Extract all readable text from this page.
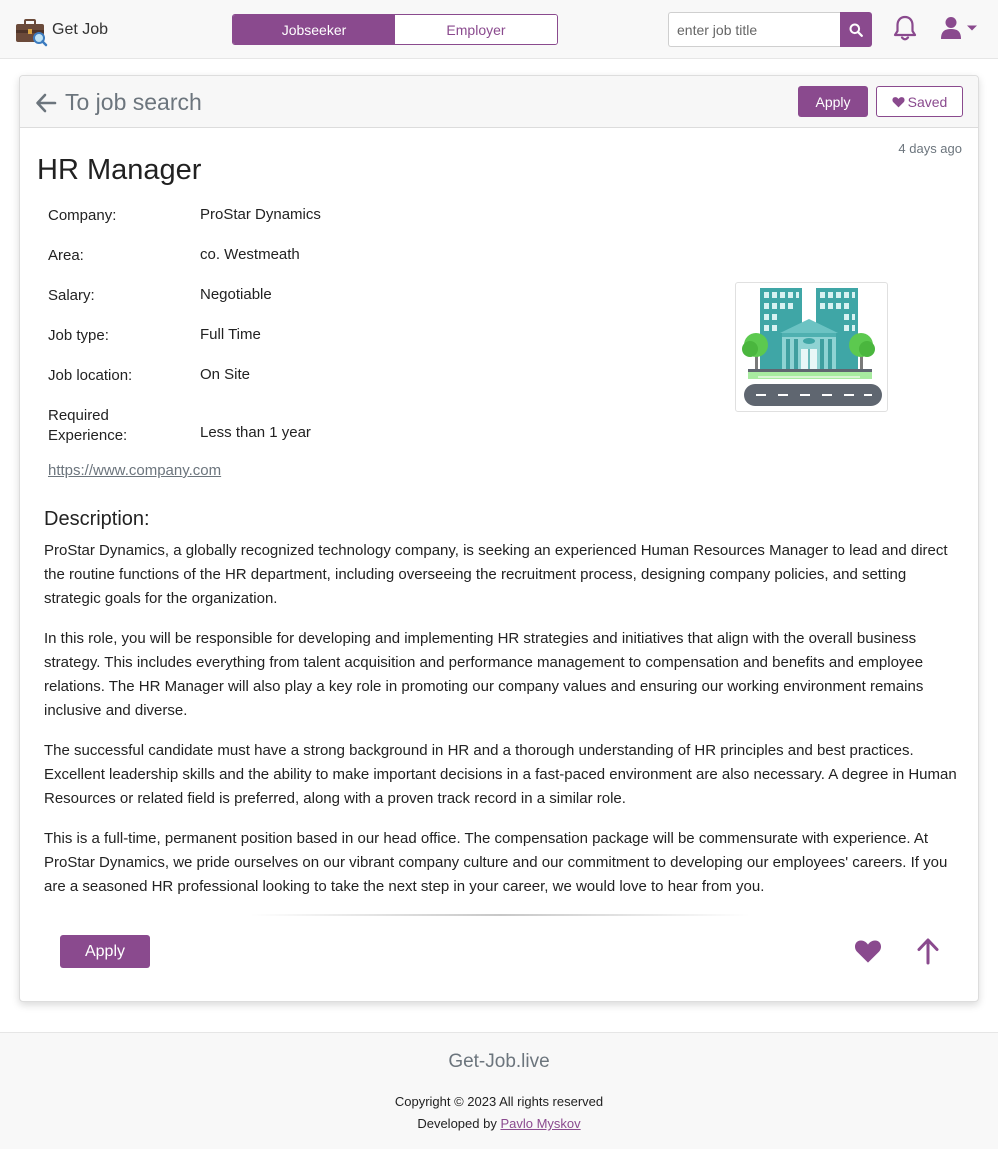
Get Job	Jobseeker	Employer
enter job title
To job search	Apply	Saved
4 days ago
HR Manager
Company:	ProStar Dynamics
Area:	co. Westmeath
Salary:	Negotiable
Job type:	Full Time
Job location:	On Site
Required Experience:	Less than 1 year
https://www.company.com
Description:

ProStar Dynamics, a globally recognized technology company, is seeking an experienced Human Resources Manager to lead and direct the routine functions of the HR department, including overseeing the recruitment process, designing company policies, and setting strategic goals for the organization.

In this role, you will be responsible for developing and implementing HR strategies and initiatives that align with the overall business strategy. This includes everything from talent acquisition and performance management to compensation and benefits and employee relations. The HR Manager will also play a key role in promoting our company values and ensuring our working environment remains inclusive and diverse.

The successful candidate must have a strong background in HR and a thorough understanding of HR principles and best practices. Excellent leadership skills and the ability to make important decisions in a fast-paced environment are also necessary. A degree in Human Resources or related field is preferred, along with a proven track record in a similar role.

This is a full-time, permanent position based in our head office. The compensation package will be commensurate with experience. At ProStar Dynamics, we pride ourselves on our vibrant company culture and our commitment to developing our employees' careers. If you are a seasoned HR professional looking to take the next step in your career, we would love to hear from you.

Apply
Get-Job.live
Copyright © 2023 All rights reserved
Developed by Pavlo Myskov
